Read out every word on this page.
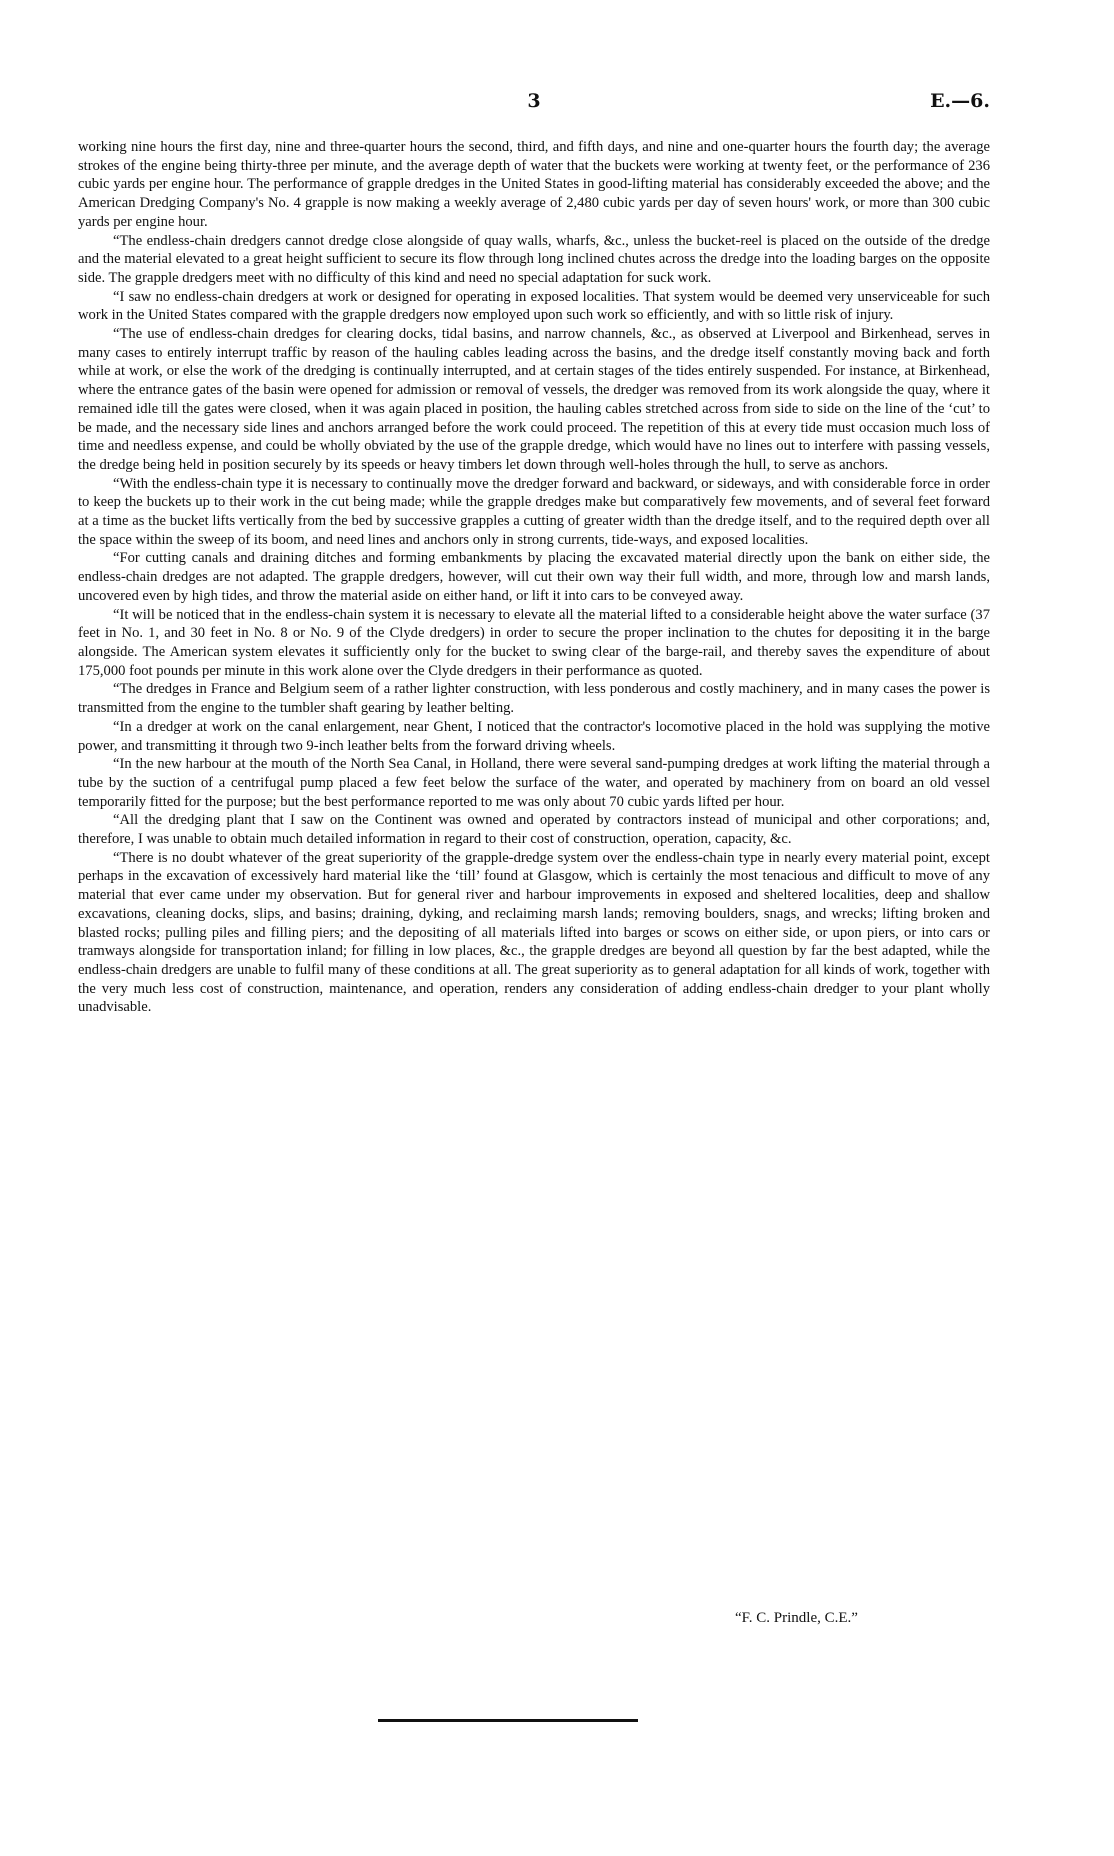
3	E.—6.

working nine hours the first day, nine and three-quarter hours the second, third, and fifth days, and nine and one-quarter hours the fourth day; the average strokes of the engine being thirty-three per minute, and the average depth of water that the buckets were working at twenty feet, or the performance of 236 cubic yards per engine hour. The performance of grapple dredges in the United States in good-lifting material has considerably exceeded the above; and the American Dredging Company's No. 4 grapple is now making a weekly average of 2,480 cubic yards per day of seven hours' work, or more than 300 cubic yards per engine hour.

“The endless-chain dredgers cannot dredge close alongside of quay walls, wharfs, &c., unless the bucket-reel is placed on the outside of the dredge and the material elevated to a great height sufficient to secure its flow through long inclined chutes across the dredge into the loading barges on the opposite side. The grapple dredgers meet with no difficulty of this kind and need no special adaptation for suck work.

“I saw no endless-chain dredgers at work or designed for operating in exposed localities. That system would be deemed very unserviceable for such work in the United States compared with the grapple dredgers now employed upon such work so efficiently, and with so little risk of injury.

“The use of endless-chain dredges for clearing docks, tidal basins, and narrow channels, &c., as observed at Liverpool and Birkenhead, serves in many cases to entirely interrupt traffic by reason of the hauling cables leading across the basins, and the dredge itself constantly moving back and forth while at work, or else the work of the dredging is continually interrupted, and at certain stages of the tides entirely suspended. For instance, at Birkenhead, where the entrance gates of the basin were opened for admission or removal of vessels, the dredger was removed from its work alongside the quay, where it remained idle till the gates were closed, when it was again placed in position, the hauling cables stretched across from side to side on the line of the ‘cut’ to be made, and the necessary side lines and anchors arranged before the work could proceed. The repetition of this at every tide must occasion much loss of time and needless expense, and could be wholly obviated by the use of the grapple dredge, which would have no lines out to interfere with passing vessels, the dredge being held in position securely by its speeds or heavy timbers let down through well-holes through the hull, to serve as anchors.

“With the endless-chain type it is necessary to continually move the dredger forward and backward, or sideways, and with considerable force in order to keep the buckets up to their work in the cut being made; while the grapple dredges make but comparatively few movements, and of several feet forward at a time as the bucket lifts vertically from the bed by successive grapples a cutting of greater width than the dredge itself, and to the required depth over all the space within the sweep of its boom, and need lines and anchors only in strong currents, tide-ways, and exposed localities.

“For cutting canals and draining ditches and forming embankments by placing the excavated material directly upon the bank on either side, the endless-chain dredges are not adapted. The grapple dredgers, however, will cut their own way their full width, and more, through low and marsh lands, uncovered even by high tides, and throw the material aside on either hand, or lift it into cars to be conveyed away.

“It will be noticed that in the endless-chain system it is necessary to elevate all the material lifted to a considerable height above the water surface (37 feet in No. 1, and 30 feet in No. 8 or No. 9 of the Clyde dredgers) in order to secure the proper inclination to the chutes for depositing it in the barge alongside. The American system elevates it sufficiently only for the bucket to swing clear of the barge-rail, and thereby saves the expenditure of about 175,000 foot pounds per minute in this work alone over the Clyde dredgers in their performance as quoted.

“The dredges in France and Belgium seem of a rather lighter construction, with less ponderous and costly machinery, and in many cases the power is transmitted from the engine to the tumbler shaft gearing by leather belting.

“In a dredger at work on the canal enlargement, near Ghent, I noticed that the contractor's locomotive placed in the hold was supplying the motive power, and transmitting it through two 9-inch leather belts from the forward driving wheels.

“In the new harbour at the mouth of the North Sea Canal, in Holland, there were several sand-pumping dredges at work lifting the material through a tube by the suction of a centrifugal pump placed a few feet below the surface of the water, and operated by machinery from on board an old vessel temporarily fitted for the purpose; but the best performance reported to me was only about 70 cubic yards lifted per hour.

“All the dredging plant that I saw on the Continent was owned and operated by contractors instead of municipal and other corporations; and, therefore, I was unable to obtain much detailed information in regard to their cost of construction, operation, capacity, &c.

“There is no doubt whatever of the great superiority of the grapple-dredge system over the endless-chain type in nearly every material point, except perhaps in the excavation of excessively hard material like the ‘till’ found at Glasgow, which is certainly the most tenacious and difficult to move of any material that ever came under my observation. But for general river and harbour improvements in exposed and sheltered localities, deep and shallow excavations, cleaning docks, slips, and basins; draining, dyking, and reclaiming marsh lands; removing boulders, snags, and wrecks; lifting broken and blasted rocks; pulling piles and filling piers; and the depositing of all materials lifted into barges or scows on either side, or upon piers, or into cars or tramways alongside for transportation inland; for filling in low places, &c., the grapple dredges are beyond all question by far the best adapted, while the endless-chain dredgers are unable to fulfil many of these conditions at all. The great superiority as to general adaptation for all kinds of work, together with the very much less cost of construction, maintenance, and operation, renders any consideration of adding endless-chain dredger to your plant wholly unadvisable.

“F. C. Prindle, C.E.”
